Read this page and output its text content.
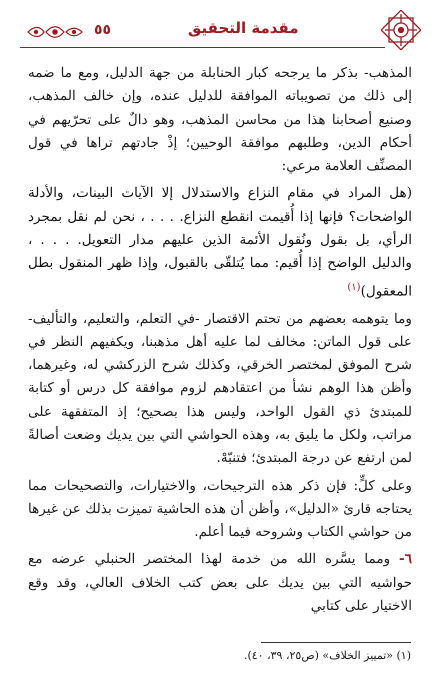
٥٥	مقدمة التحقيق

المذهب- بذكر ما يرجحه كبار الحنابلة من جهة الدليل، ومع ما ضمه إلى ذلك من تصويباته الموافقة للدليل عنده، وإن خالف المذهب، وصنيع أصحابنا هذا من محاسن المذهب، وهو دالٌ على تحرّيهم في أحكام الدين، وطلبهم موافقة الوحيين؛ إذْ جادتهم تراها في قول المصنِّف العلامة مرعي:

(هل المراد في مقام النزاع والاستدلال إلا الآيات البينات، والأدلة الواضحات؟ فإنها إذا أُقيمت انقطع النزاع. . . . ، نحن لم نقل بمجرد الرأي، بل بقول ونُقول الأئمة الذين عليهم مدار التعويل. . . . ، والدليل الواضح إذا أُقيم: مما يُتلقّى بالقبول، وإذا ظهر المنقول بطل المعقول)$^{(١)}$

وما يتوهمه بعضهم من تحتم الاقتصار -في التعلم، والتعليم، والتأليف- على قول الماتن: مخالف لما عليه أهل مذهبنا، ويكفيهم النظر في شرح الموفق لمختصر الخرقي، وكذلك شرح الزركشي له، وغيرهما، وأظن هذا الوهم نشأ من اعتقادهم لزوم موافقة كل درس أو كتابة للمبتدئ ذي القول الواحد، وليس هذا بصحيح؛ إذ المتفقهة على مراتب، ولكل ما يليق به، وهذه الحواشي التي بين يديك وضعت أصالةً لمن ارتفع عن درجة المبتدئ؛ فتنبّهْ.

وعلى كلٍّ: فإن ذكر هذه الترجيحات، والاختيارات، والتصحيحات مما يحتاجه قارئ «الدليل»، وأظن أن هذه الحاشية تميزت بذلك عن غيرها من حواشي الكتاب وشروحه فيما أعلم.

٦- ومما يسَّره الله من خدمة لهذا المختصر الحنبلي عرضه مع حواشيه التي بين يديك على بعض كتب الخلاف العالي، وقد وقع الاختيار على كتابي

(١) «تمييز الخلاف» (ص٢٥، ٣٩، ٤٠).
